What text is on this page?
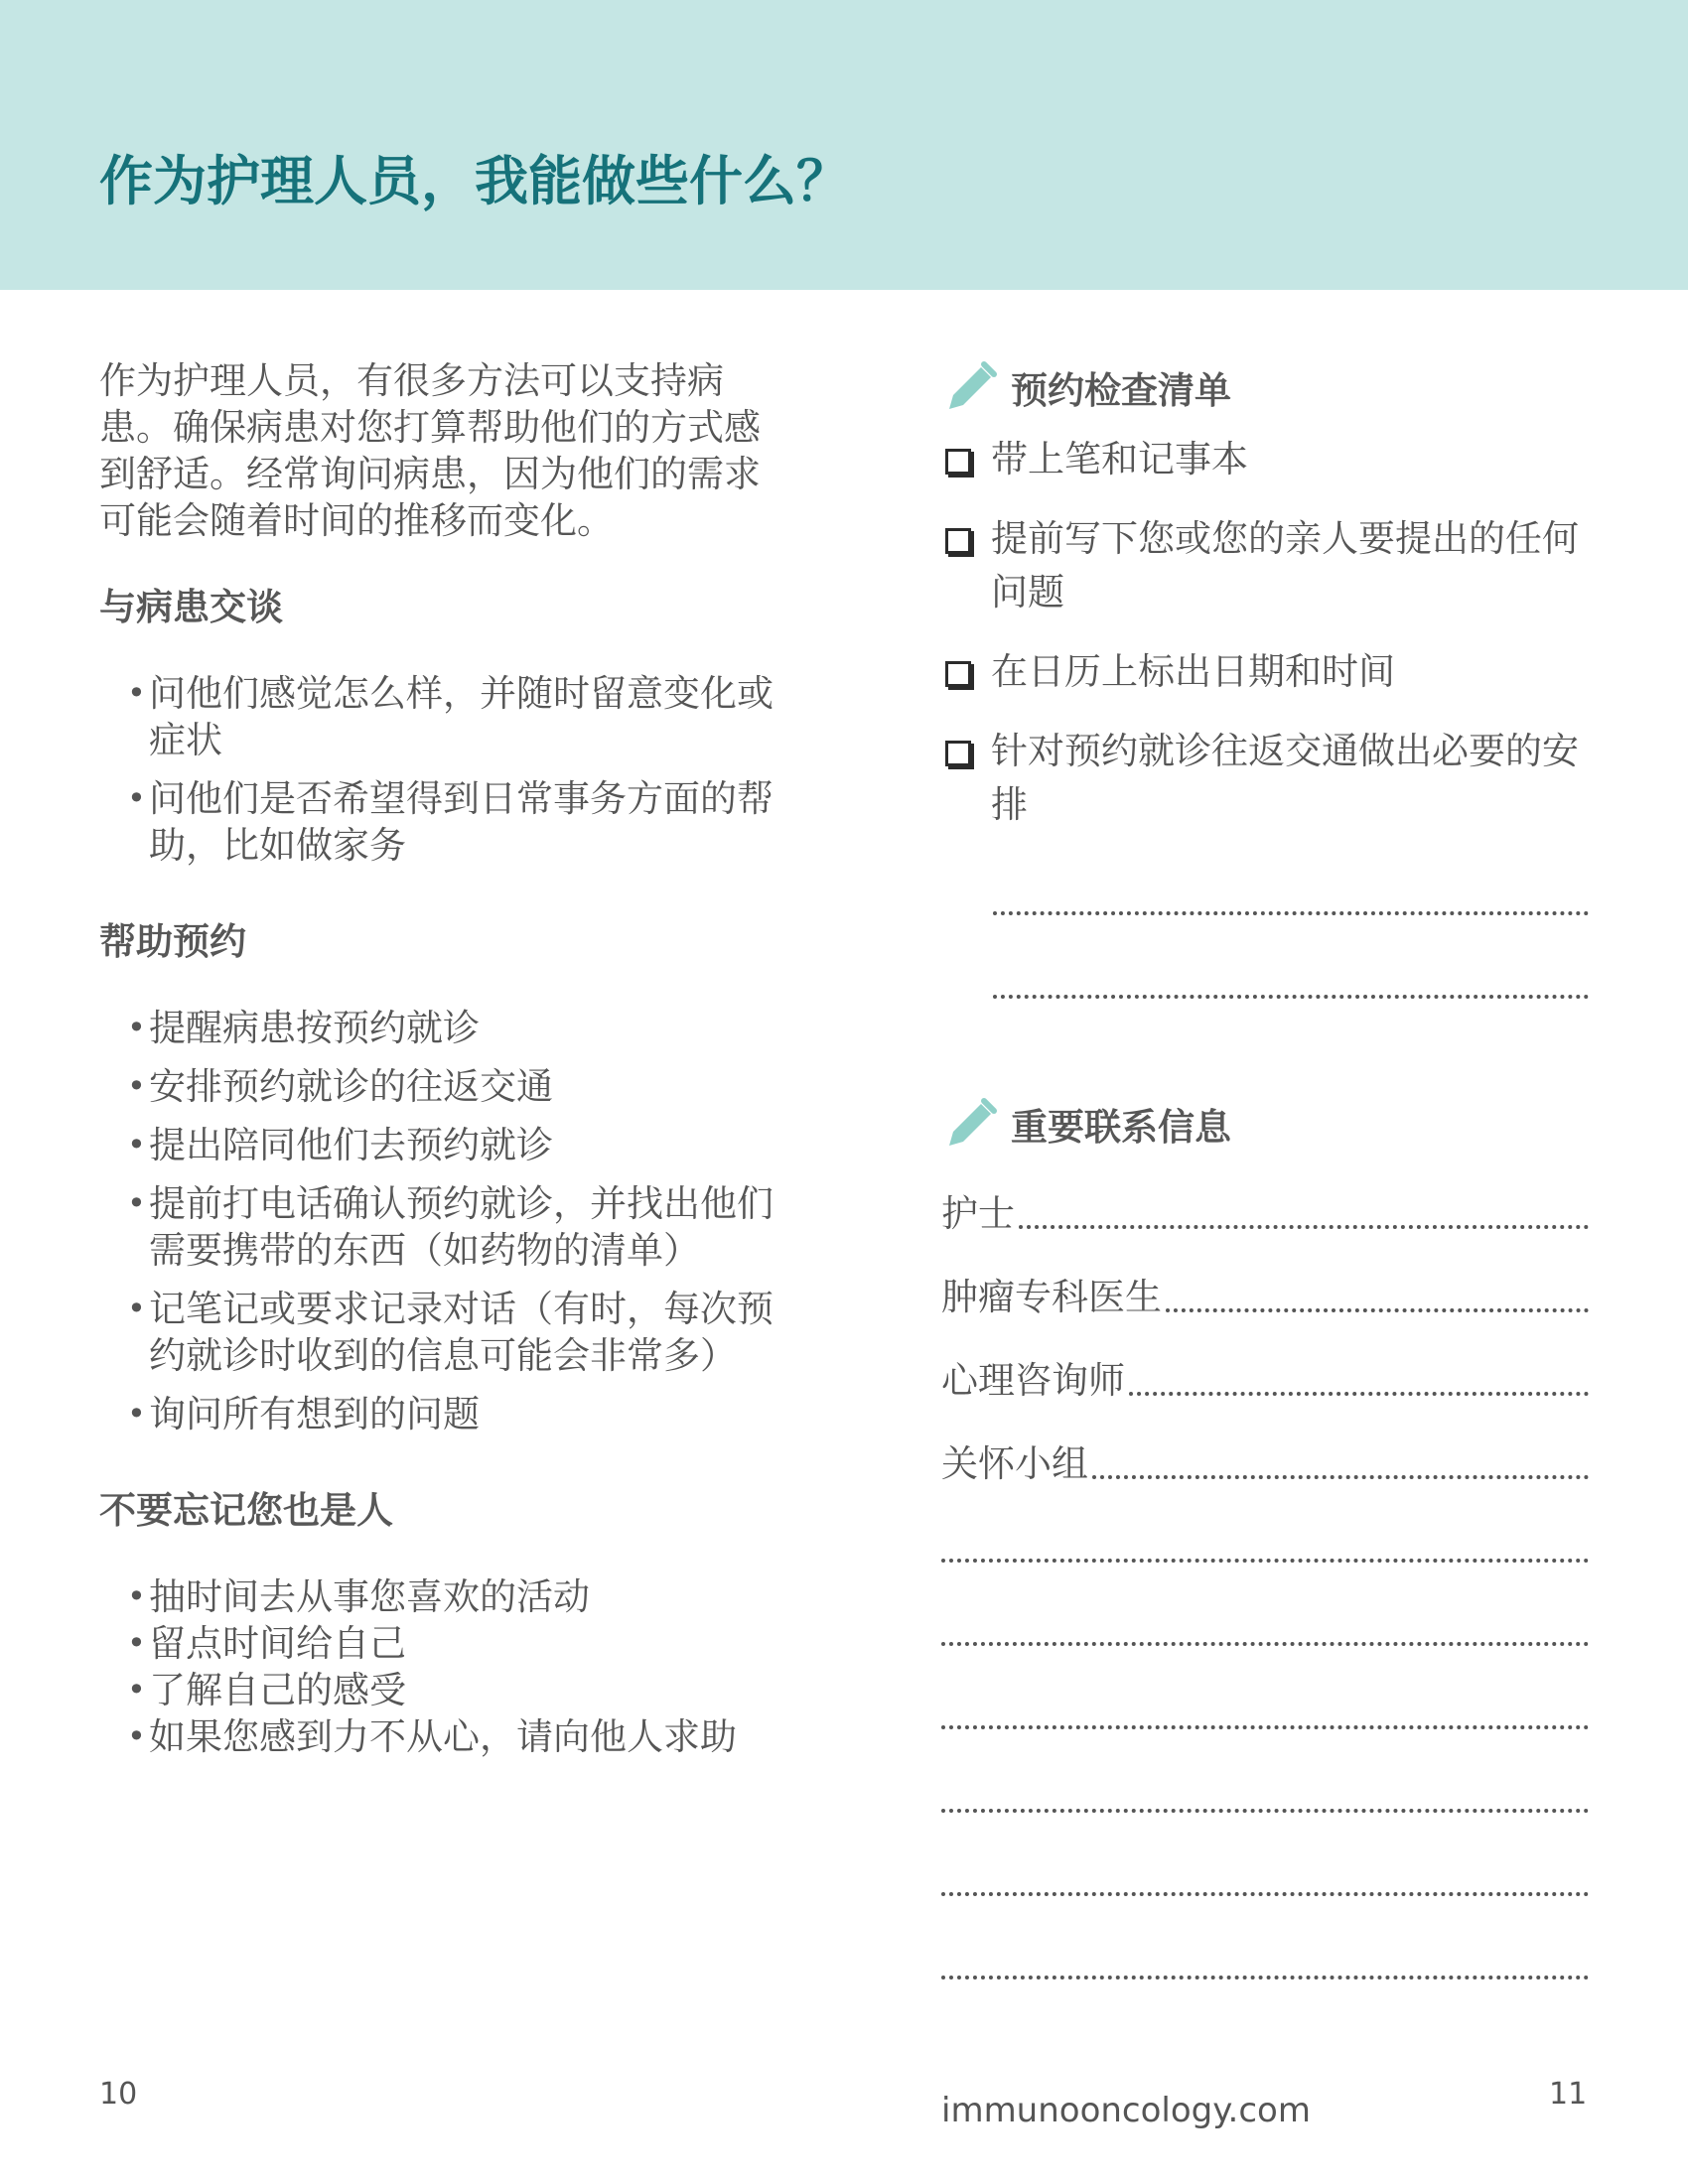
作为护理人员，我能做些什么？

作为护理人员，有很多方法可以支持病患。确保病患对您打算帮助他们的方式感到舒适。经常询问病患，因为他们的需求可能会随着时间的推移而变化。

与病患交谈
• 问他们感觉怎么样，并随时留意变化或症状
• 问他们是否希望得到日常事务方面的帮助，比如做家务
帮助预约
• 提醒病患按预约就诊
• 安排预约就诊的往返交通
• 提出陪同他们去预约就诊
• 提前打电话确认预约就诊，并找出他们需要携带的东西（如药物的清单）
• 记笔记或要求记录对话（有时，每次预约就诊时收到的信息可能会非常多）
• 询问所有想到的问题
不要忘记您也是人
• 抽时间去从事您喜欢的活动
• 留点时间给自己
• 了解自己的感受
• 如果您感到力不从心，请向他人求助
预约检查清单
带上笔和记事本
提前写下您或您的亲人要提出的任何问题
在日历上标出日期和时间
针对预约就诊往返交通做出必要的安排
重要联系信息
护士
肿瘤专科医生
心理咨询师
关怀小组
10	immunooncology.com	11
